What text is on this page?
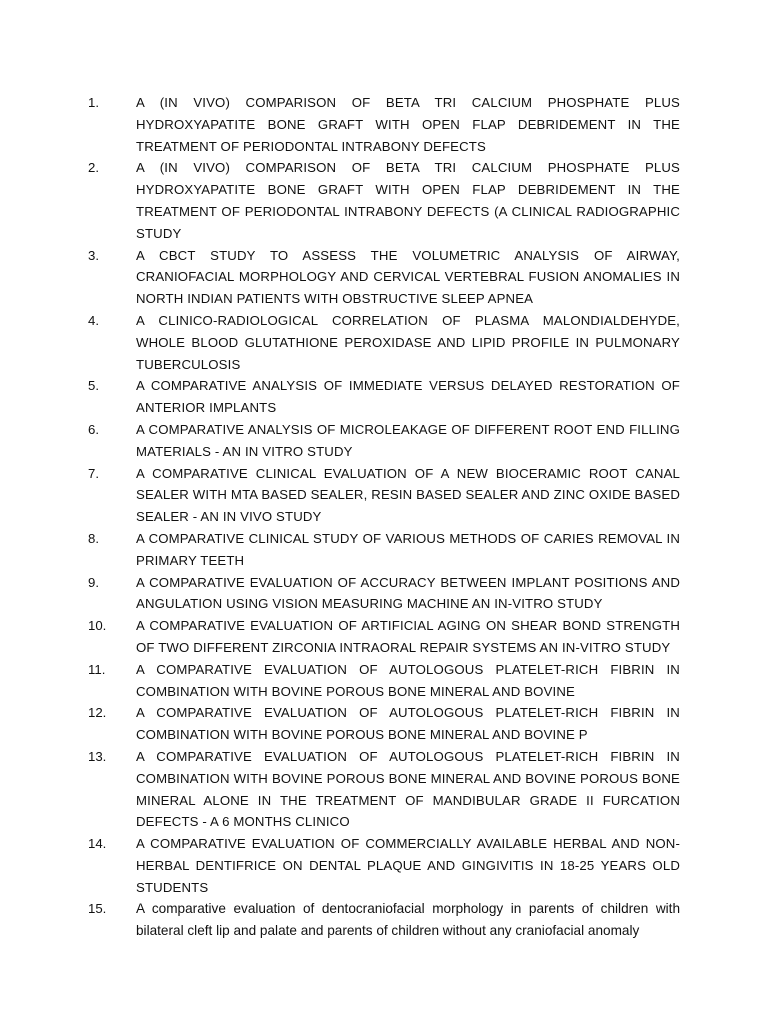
1.	A (IN VIVO) COMPARISON OF BETA TRI CALCIUM PHOSPHATE PLUS HYDROXYAPATITE BONE GRAFT WITH OPEN FLAP DEBRIDEMENT IN THE TREATMENT OF PERIODONTAL INTRABONY DEFECTS
2.	A (IN VIVO) COMPARISON OF BETA TRI CALCIUM PHOSPHATE PLUS HYDROXYAPATITE BONE GRAFT WITH OPEN FLAP DEBRIDEMENT IN THE TREATMENT OF PERIODONTAL INTRABONY DEFECTS (A CLINICAL RADIOGRAPHIC STUDY
3.	A CBCT STUDY TO ASSESS THE VOLUMETRIC ANALYSIS OF AIRWAY, CRANIOFACIAL MORPHOLOGY AND CERVICAL VERTEBRAL FUSION ANOMALIES IN NORTH INDIAN PATIENTS WITH OBSTRUCTIVE SLEEP APNEA
4.	A CLINICO-RADIOLOGICAL CORRELATION OF PLASMA MALONDIALDEHYDE, WHOLE BLOOD GLUTATHIONE PEROXIDASE AND LIPID PROFILE IN PULMONARY TUBERCULOSIS
5.	A COMPARATIVE ANALYSIS OF IMMEDIATE VERSUS DELAYED RESTORATION OF ANTERIOR IMPLANTS
6.	A COMPARATIVE ANALYSIS OF MICROLEAKAGE OF DIFFERENT ROOT END FILLING MATERIALS - AN IN VITRO STUDY
7.	A COMPARATIVE CLINICAL EVALUATION OF A NEW BIOCERAMIC ROOT CANAL SEALER WITH MTA BASED SEALER, RESIN BASED SEALER AND ZINC OXIDE BASED SEALER - AN IN VIVO STUDY
8.	A COMPARATIVE CLINICAL STUDY OF VARIOUS METHODS OF CARIES REMOVAL IN PRIMARY TEETH
9.	A COMPARATIVE EVALUATION OF ACCURACY BETWEEN IMPLANT POSITIONS AND ANGULATION USING VISION MEASURING MACHINE AN IN-VITRO STUDY
10.	A COMPARATIVE EVALUATION OF ARTIFICIAL AGING ON SHEAR BOND STRENGTH OF TWO DIFFERENT ZIRCONIA INTRAORAL REPAIR SYSTEMS AN IN-VITRO STUDY
11.	A COMPARATIVE EVALUATION OF AUTOLOGOUS PLATELET-RICH FIBRIN IN COMBINATION WITH BOVINE POROUS BONE MINERAL AND BOVINE
12.	A COMPARATIVE EVALUATION OF AUTOLOGOUS PLATELET-RICH FIBRIN IN COMBINATION WITH BOVINE POROUS BONE MINERAL AND BOVINE P
13.	A COMPARATIVE EVALUATION OF AUTOLOGOUS PLATELET-RICH FIBRIN IN COMBINATION WITH BOVINE POROUS BONE MINERAL AND BOVINE POROUS BONE MINERAL ALONE IN THE TREATMENT OF MANDIBULAR GRADE II FURCATION DEFECTS - A 6 MONTHS CLINICO
14.	A COMPARATIVE EVALUATION OF COMMERCIALLY AVAILABLE HERBAL AND NON-HERBAL DENTIFRICE ON DENTAL PLAQUE AND GINGIVITIS IN 18-25 YEARS OLD STUDENTS
15.	A comparative evaluation of dentocraniofacial morphology in parents of children with bilateral cleft lip and palate and parents of children without any craniofacial anomaly
